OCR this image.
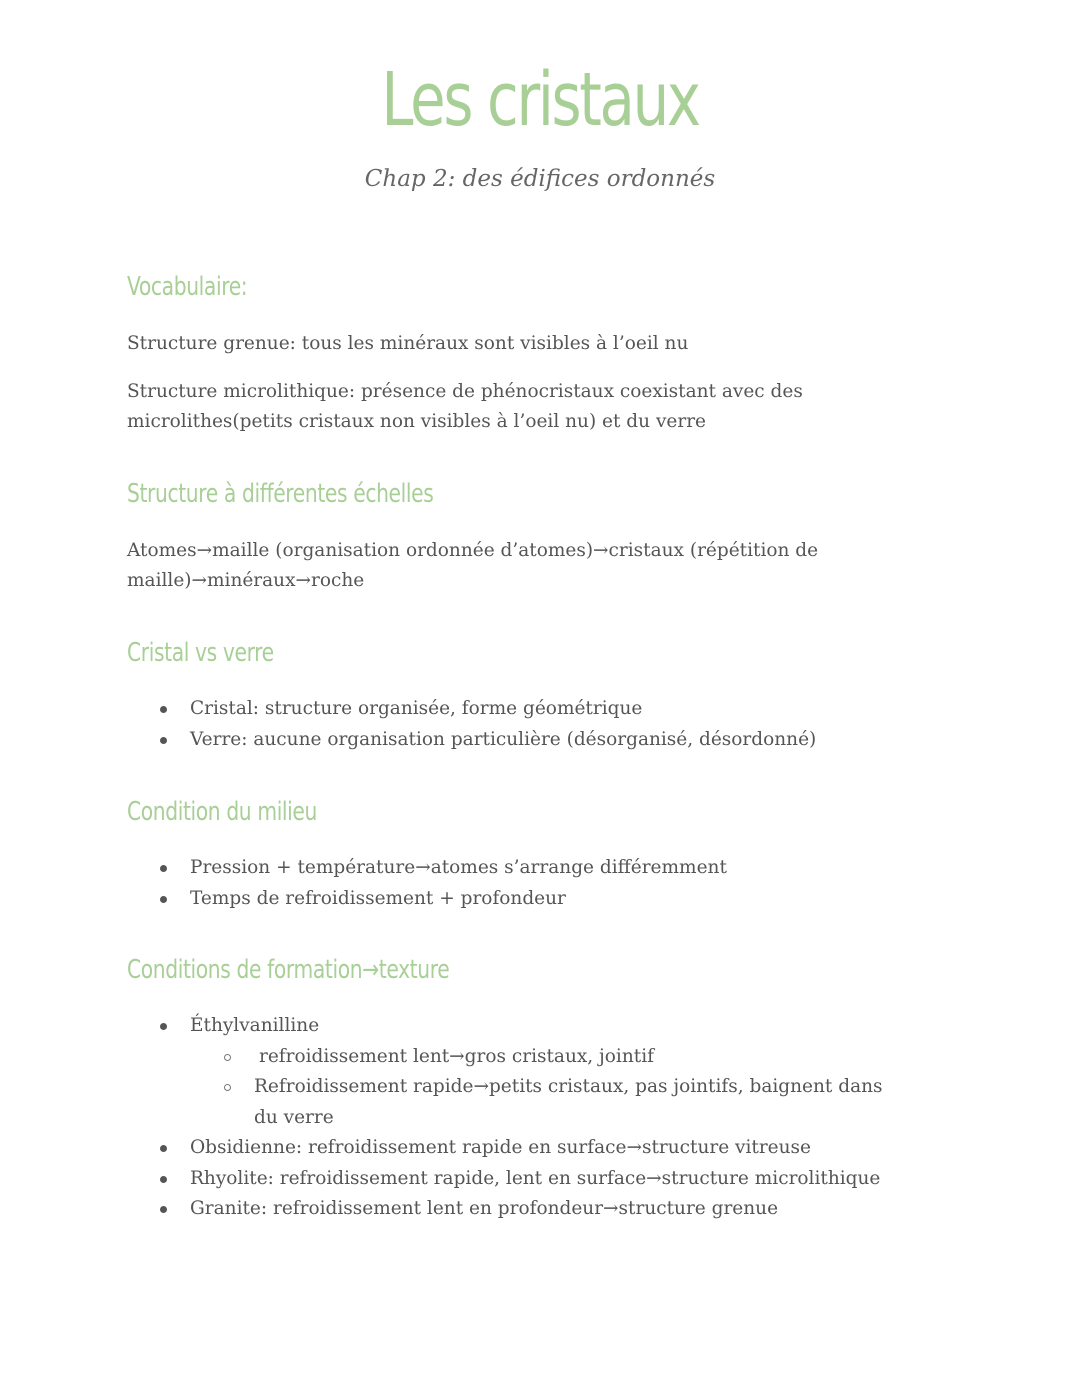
Les cristaux

Chap 2: des édifices ordonnés

Vocabulaire:

Structure grenue: tous les minéraux sont visibles à l’oeil nu

Structure microlithique: présence de phénocristaux coexistant avec des microlithes(petits cristaux non visibles à l’oeil nu) et du verre

Structure à différentes échelles

Atomes→maille (organisation ordonnée d’atomes)→cristaux (répétition de maille)→minéraux→roche

Cristal vs verre
Cristal: structure organisée, forme géométrique
Verre: aucune organisation particulière (désorganisé, désordonné)
Condition du milieu
Pression + température→atomes s’arrange différemment
Temps de refroidissement + profondeur
Conditions de formation→texture
Éthylvanilline
refroidissement lent→gros cristaux, jointif
Refroidissement rapide→petits cristaux, pas jointifs, baignent dans du verre
Obsidienne: refroidissement rapide en surface→structure vitreuse
Rhyolite: refroidissement rapide, lent en surface→structure microlithique
Granite: refroidissement lent en profondeur→structure grenue
